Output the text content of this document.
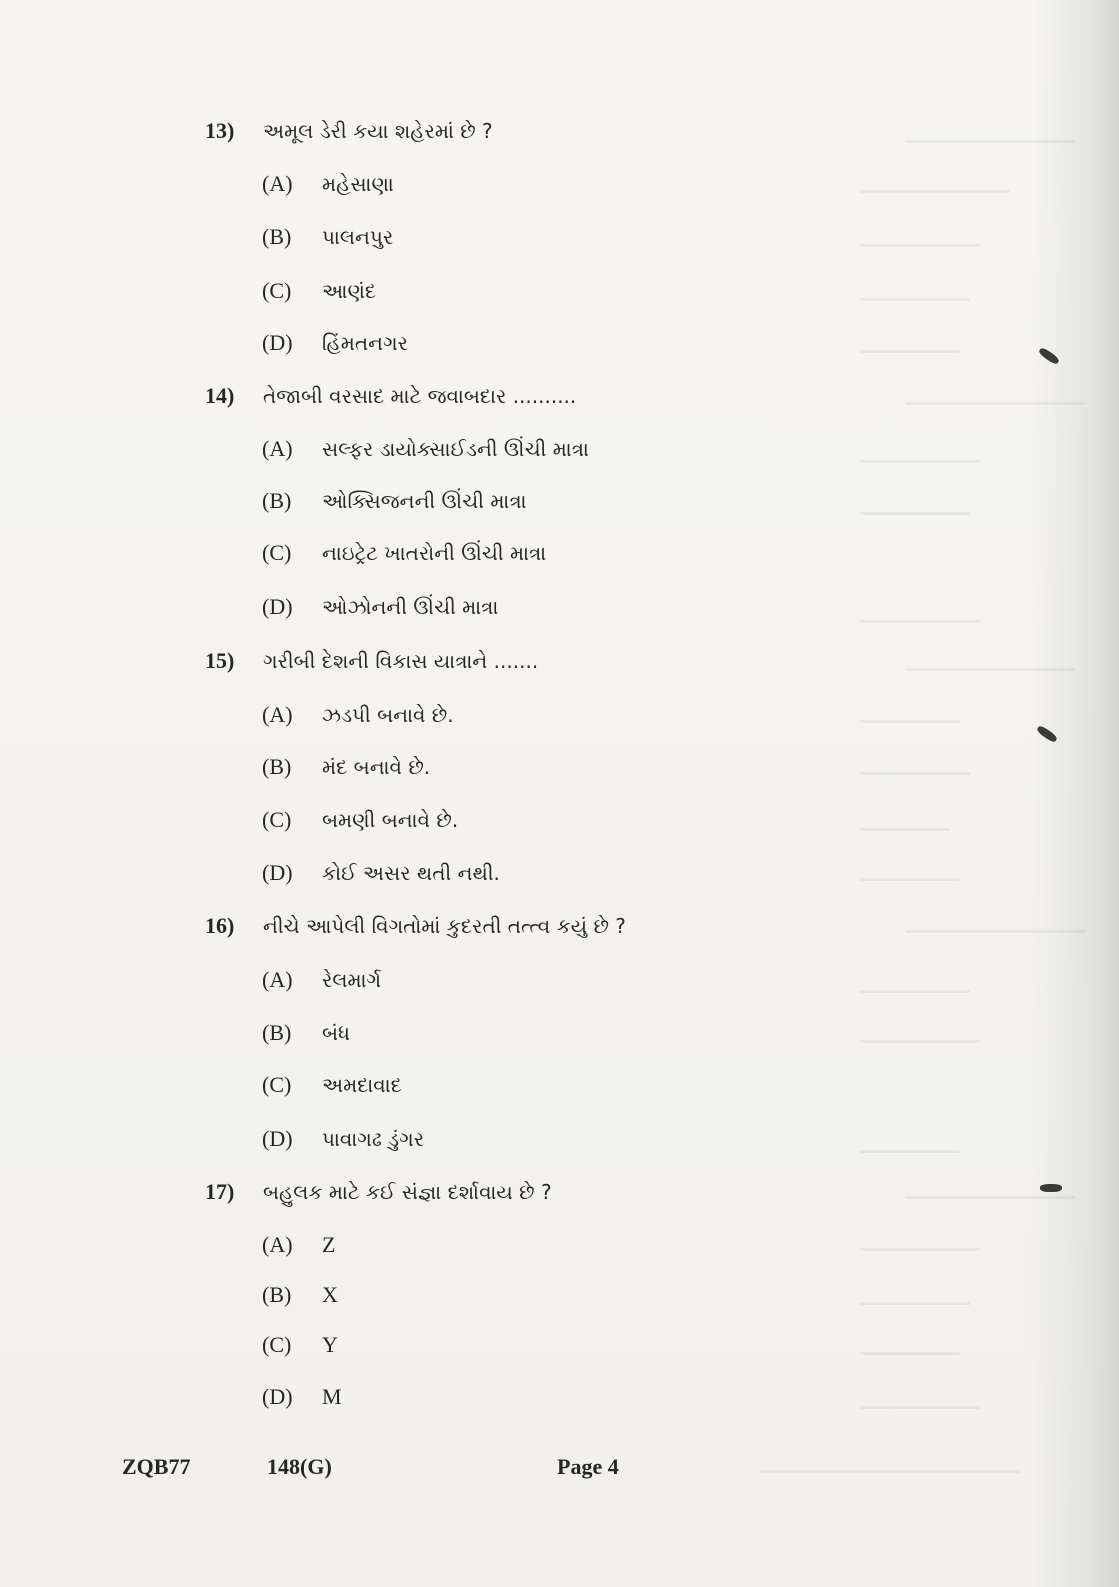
13) અમૂલ ડેરી કયા શહેરમાં છે ?
(A) મહેસાણા
(B) પાલનપુર
(C) આણંદ
(D) હિંમતનગર
14) તેજાબી વરસાદ માટે જવાબદાર ..........
(A) સલ્ફર ડાયોક્સાઈડની ઊંચી માત્રા
(B) ઓક્સિજનની ઊંચી માત્રા
(C) નાઇટ્રેટ ખાતરોની ઊંચી માત્રા
(D) ઓઝોનની ઊંચી માત્રા
15) ગરીબી દેશની વિકાસ યાત્રાને .......
(A) ઝડપી બનાવે છે.
(B) મંદ બનાવે છે.
(C) બમણી બનાવે છે.
(D) કોઈ અસર થતી નથી.
16) નીચે આપેલી વિગતોમાં કુદરતી તત્ત્વ કયું છે ?
(A) રેલમાર્ગ
(B) બંધ
(C) અમદાવાદ
(D) પાવાગઢ ડુંગર
17) બહુલક માટે કઈ સંજ્ઞા દર્શાવાય છે ?
(A) Z
(B) X
(C) Y
(D) M
ZQB77	148(G)	Page 4
